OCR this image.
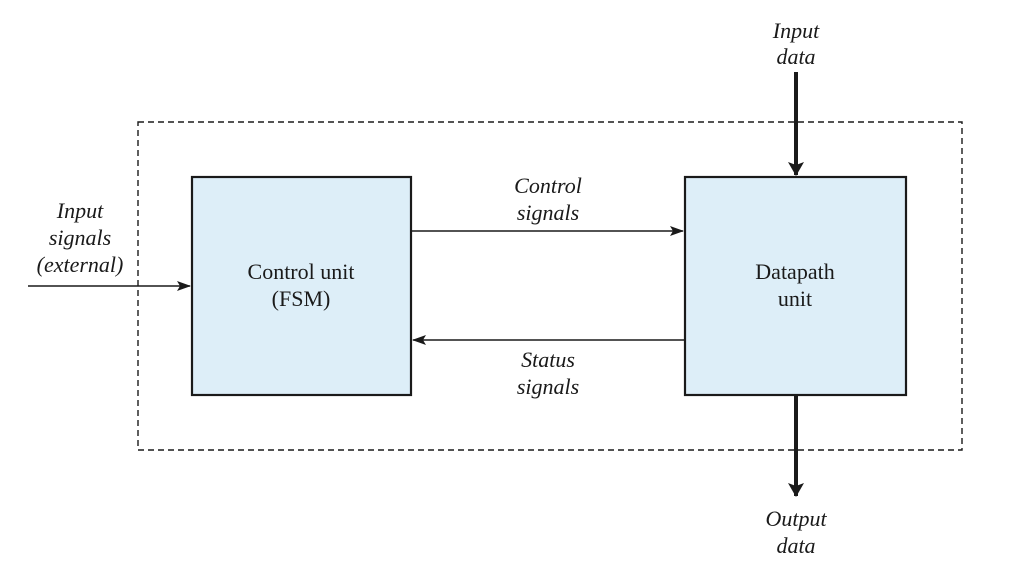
Control unit
(FSM)
Datapath
unit
Input
signals
(external)
Control
signals
Status
signals
Input
data
Output
data
